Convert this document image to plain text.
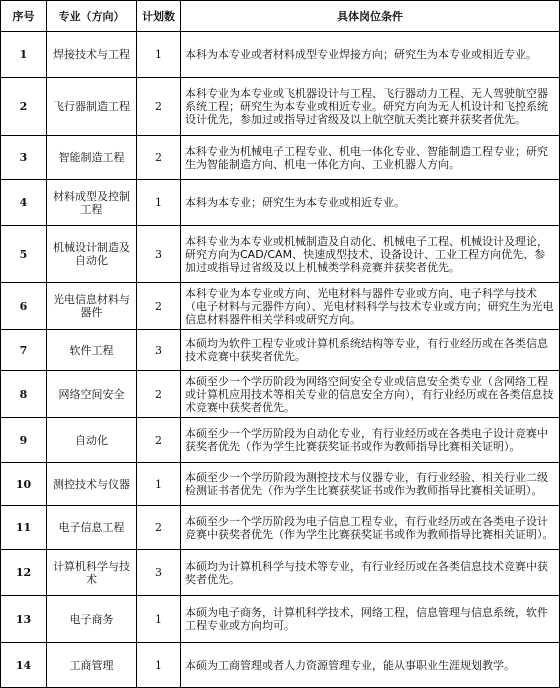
序号	专业（方向）	计划数	具体岗位条件
1	焊接技术与工程	1	本科为本专业或者材料成型专业焊接方向；研究生为本专业或相近专业。
2	飞行器制造工程	2	本科专业为本专业或飞机器设计与工程、飞行器动力工程、无人驾驶航空器系统工程；研究生为本专业或相近专业。研究方向为无人机设计和飞控系统设计优先，参加过或指导过省级及以上航空航天类比赛并获奖者优先。
3	智能制造工程	2	本科专业为机械电子工程专业、机电一体化专业、智能制造工程专业；研究生为智能制造方向、机电一体化方向、工业机器人方向。
4	材料成型及控制工程	1	本科为本专业；研究生为本专业或相近专业。
5	机械设计制造及自动化	3	本科专业为本专业或机械制造及自动化、机械电子工程、机械设计及理论，研究方向为CAD/CAM、快速成型技术、设备设计、工业工程方向优先、参加过或指导过省级及以上机械类学科竞赛并获奖者优先。
6	光电信息材料与器件	2	本科专业为本专业或方向、光电材料与器件专业或方向、电子科学与技术（电子材料与元器件方向）、光电材料科学与技术专业或方向；研究生为光电信息材料器件相关学科或研究方向。
7	软件工程	3	本硕均为软件工程专业或计算机系统结构等专业，有行业经历或在各类信息技术竞赛中获奖者优先。
8	网络空间安全	2	本硕至少一个学历阶段为网络空间安全专业或信息安全类专业（含网络工程或计算机应用技术等相关专业的信息安全方向），有行业经历或在各类信息技术竞赛中获奖者优先。
9	自动化	2	本硕至少一个学历阶段为自动化专业，有行业经历或在各类电子设计竞赛中获奖者优先（作为学生比赛获奖证书或作为教师指导比赛相关证明）。
10	测控技术与仪器	1	本硕至少一个学历阶段为测控技术与仪器专业，有行业经验、相关行业二级检测证书者优先（作为学生比赛获奖证书或作为教师指导比赛相关证明）。
11	电子信息工程	2	本硕至少一个学历阶段为电子信息工程专业，有行业经历或在各类电子设计竞赛中获奖者优先（作为学生比赛获奖证书或作为教师指导比赛相关证明）。
12	计算机科学与技术	3	本硕均为计算机科学与技术等专业，有行业经历或在各类信息技术竞赛中获奖者优先。
13	电子商务	1	本硕为电子商务，计算机科学技术，网络工程，信息管理与信息系统，软件工程专业或方向均可。
14	工商管理	1	本硕为工商管理或者人力资源管理专业，能从事职业生涯规划教学。
